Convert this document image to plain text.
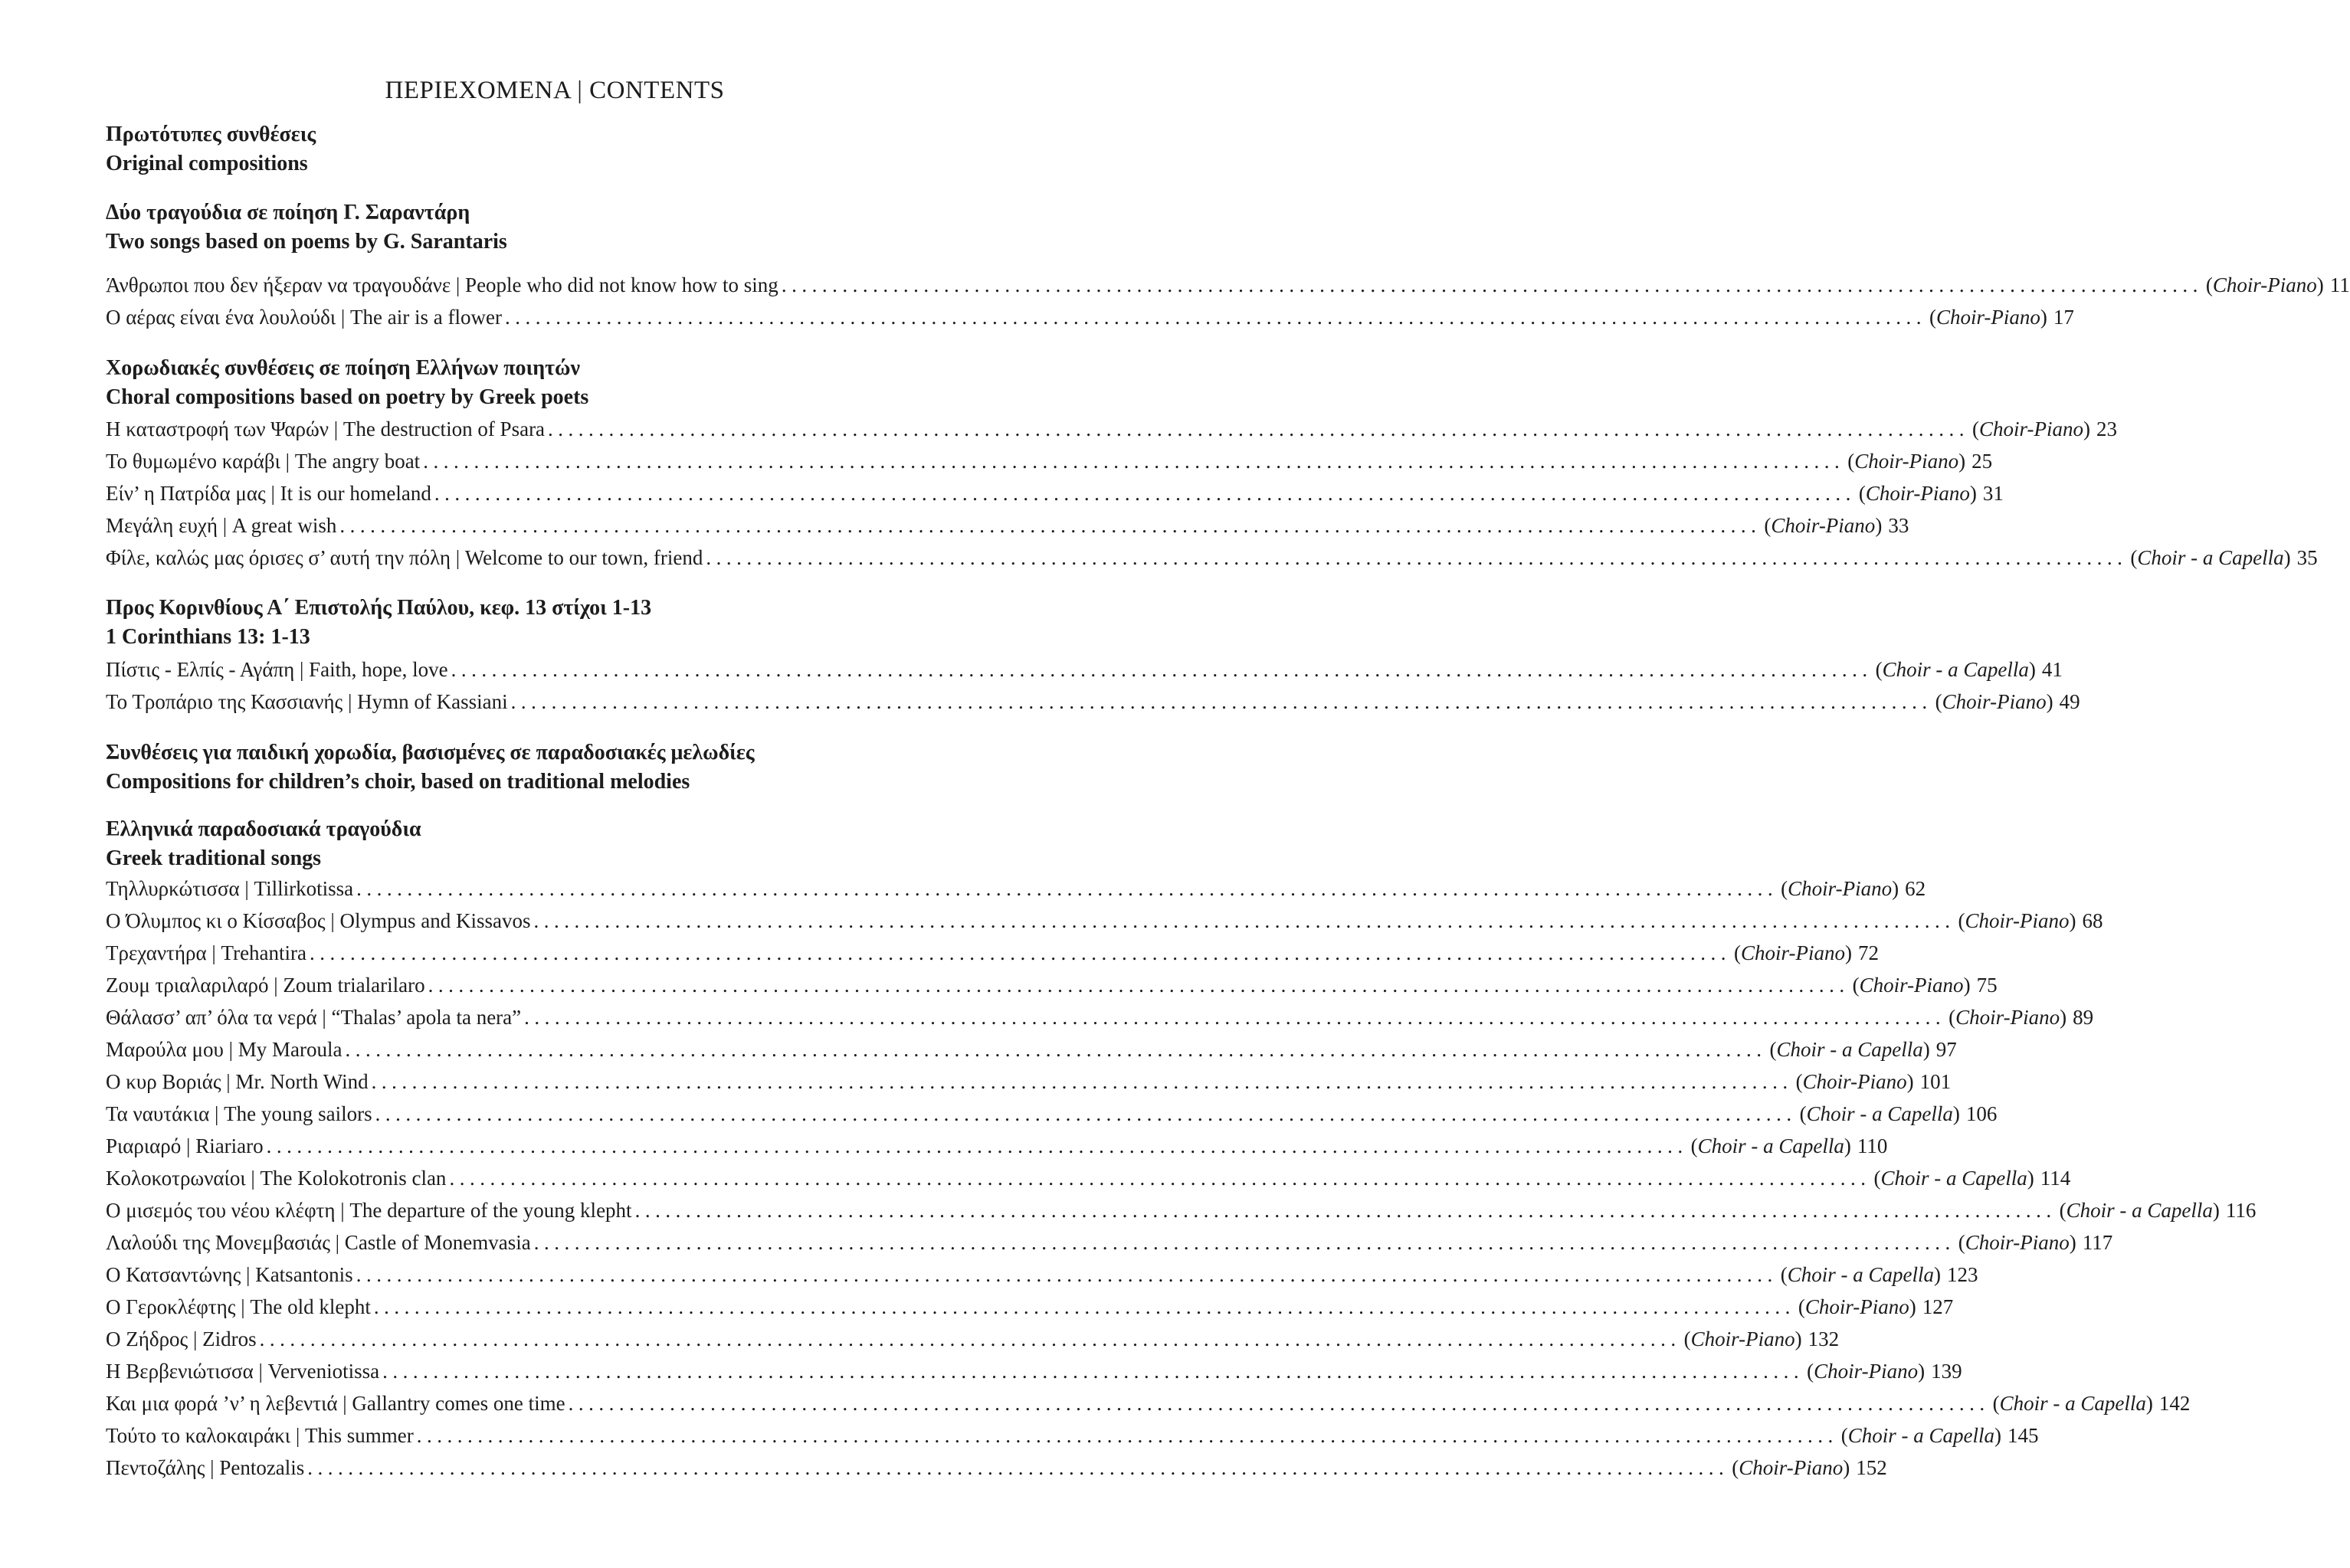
ΠΕΡΙΕΧΟΜΕΝΑ | CONTENTS
Πρωτότυπες συνθέσεις
Original compositions
Δύο τραγούδια σε ποίηση Γ. Σαραντάρη
Two songs based on poems by G. Sarantaris
Άνθρωποι που δεν ήξεραν να τραγουδάνε | People who did not know how to sing ............................................................................................................................................ (Choir-Piano) 11
Ο αέρας είναι ένα λουλούδι | The air is a flower ............................................................................................................................................ (Choir-Piano) 17
Χορωδιακές συνθέσεις σε ποίηση Ελλήνων ποιητών
Choral compositions based on poetry by Greek poets
Η καταστροφή των Ψαρών | The destruction of Psara ............................................................................................................................................ (Choir-Piano) 23
Το θυμωμένο καράβι | The angry boat ............................................................................................................................................ (Choir-Piano) 25
Είν’ η Πατρίδα μας | It is our homeland ............................................................................................................................................ (Choir-Piano) 31
Μεγάλη ευχή | A great wish ............................................................................................................................................ (Choir-Piano) 33
Φίλε, καλώς μας όρισες σ’ αυτή την πόλη | Welcome to our town, friend ............................................................................................................................................ (Choir - a Capella) 35
Προς Κορινθίους Α΄ Επιστολής Παύλου, κεφ. 13 στίχοι 1-13
1 Corinthians 13: 1-13
Πίστις - Ελπίς - Αγάπη | Faith, hope, love ............................................................................................................................................ (Choir - a Capella) 41
Το Τροπάριο της Κασσιανής | Hymn of Kassiani ............................................................................................................................................ (Choir-Piano) 49
Συνθέσεις για παιδική χορωδία, βασισμένες σε παραδοσιακές μελωδίες
Compositions for children’s choir, based on traditional melodies
Ελληνικά παραδοσιακά τραγούδια
Greek traditional songs
Τηλλυρκώτισσα | Tillirkotissa ............................................................................................................................................ (Choir-Piano) 62
Ο Όλυμπος κι ο Κίσσαβος | Olympus and Kissavos ............................................................................................................................................ (Choir-Piano) 68
Τρεχαντήρα | Trehantira ............................................................................................................................................ (Choir-Piano) 72
Ζουμ τριαλαριλαρό | Zoum trialarilaro ............................................................................................................................................ (Choir-Piano) 75
Θάλασσ’ απ’ όλα τα νερά | “Thalas’ apola ta nera” ............................................................................................................................................ (Choir-Piano) 89
Μαρούλα μου | My Maroula ............................................................................................................................................ (Choir - a Capella) 97
Ο κυρ Βοριάς | Mr. North Wind ............................................................................................................................................ (Choir-Piano) 101
Τα ναυτάκια | The young sailors ............................................................................................................................................ (Choir - a Capella) 106
Ριαριαρό | Riariaro ............................................................................................................................................ (Choir - a Capella) 110
Κολοκοτρωναίοι | The Kolokotronis clan ............................................................................................................................................ (Choir - a Capella) 114
Ο μισεμός του νέου κλέφτη | The departure of the young klepht ............................................................................................................................................ (Choir - a Capella) 116
Λαλούδι της Μονεμβασιάς | Castle of Monemvasia ............................................................................................................................................ (Choir-Piano) 117
Ο Κατσαντώνης | Katsantonis ............................................................................................................................................ (Choir - a Capella) 123
Ο Γεροκλέφτης | The old klepht ............................................................................................................................................ (Choir-Piano) 127
Ο Ζήδρος | Zidros ............................................................................................................................................ (Choir-Piano) 132
Η Βερβενιώτισσα | Verveniotissa ............................................................................................................................................ (Choir-Piano) 139
Και μια φορά ’ν’ η λεβεντιά | Gallantry comes one time ............................................................................................................................................ (Choir - a Capella) 142
Τούτο το καλοκαιράκι | This summer ............................................................................................................................................ (Choir - a Capella) 145
Πεντοζάλης | Pentozalis ............................................................................................................................................ (Choir-Piano) 152
